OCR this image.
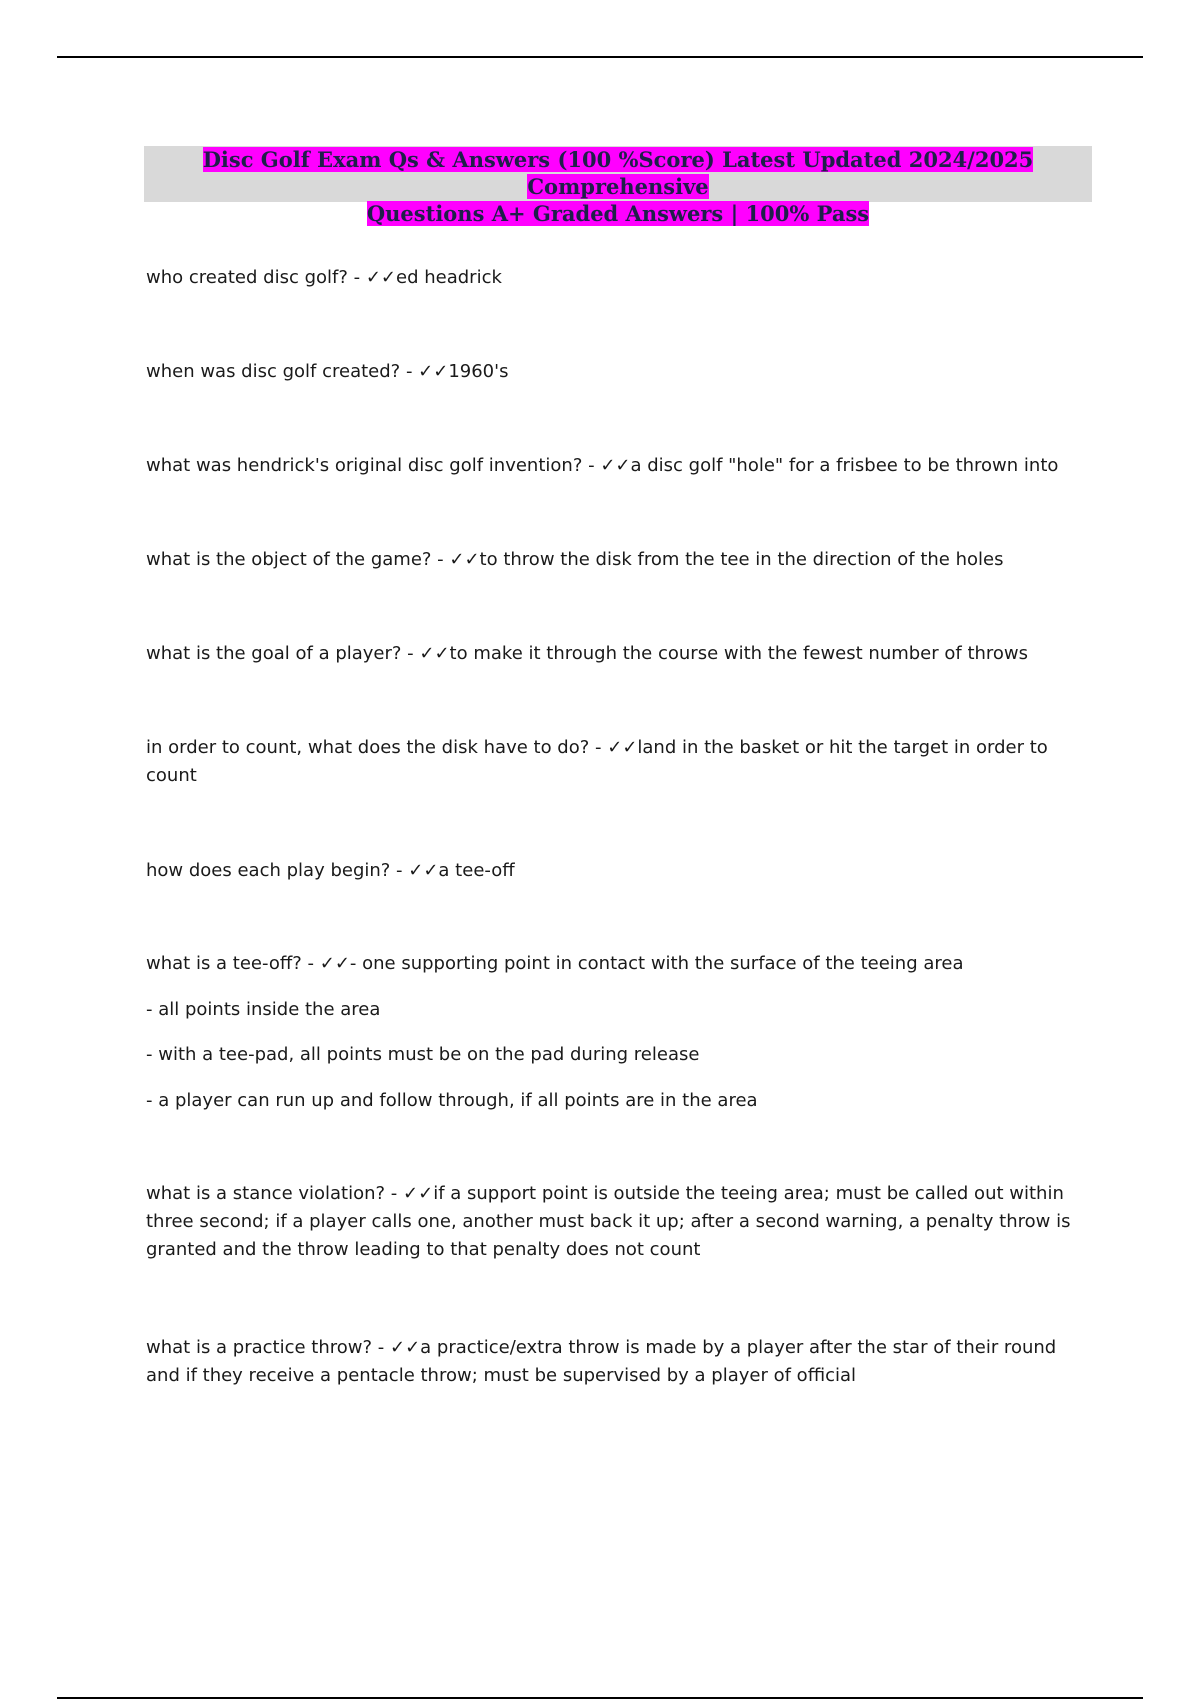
Disc Golf Exam Qs & Answers (100 %Score) Latest Updated 2024/2025 Comprehensive
Questions A+ Graded Answers | 100% Pass

who created disc golf? - ✓✓ed headrick

when was disc golf created? - ✓✓1960's

what was hendrick's original disc golf invention? - ✓✓a disc golf "hole" for a frisbee to be thrown into

what is the object of the game? - ✓✓to throw the disk from the tee in the direction of the holes

what is the goal of a player? - ✓✓to make it through the course with the fewest number of throws

in order to count, what does the disk have to do? - ✓✓land in the basket or hit the target in order to

count

how does each play begin? - ✓✓a tee-off

what is a tee-off? - ✓✓- one supporting point in contact with the surface of the teeing area

- all points inside the area

- with a tee-pad, all points must be on the pad during release

- a player can run up and follow through, if all points are in the area

what is a stance violation? - ✓✓if a support point is outside the teeing area; must be called out within

three second; if a player calls one, another must back it up; after a second warning, a penalty throw is

granted and the throw leading to that penalty does not count

what is a practice throw? - ✓✓a practice/extra throw is made by a player after the star of their round

and if they receive a pentacle throw; must be supervised by a player of official
